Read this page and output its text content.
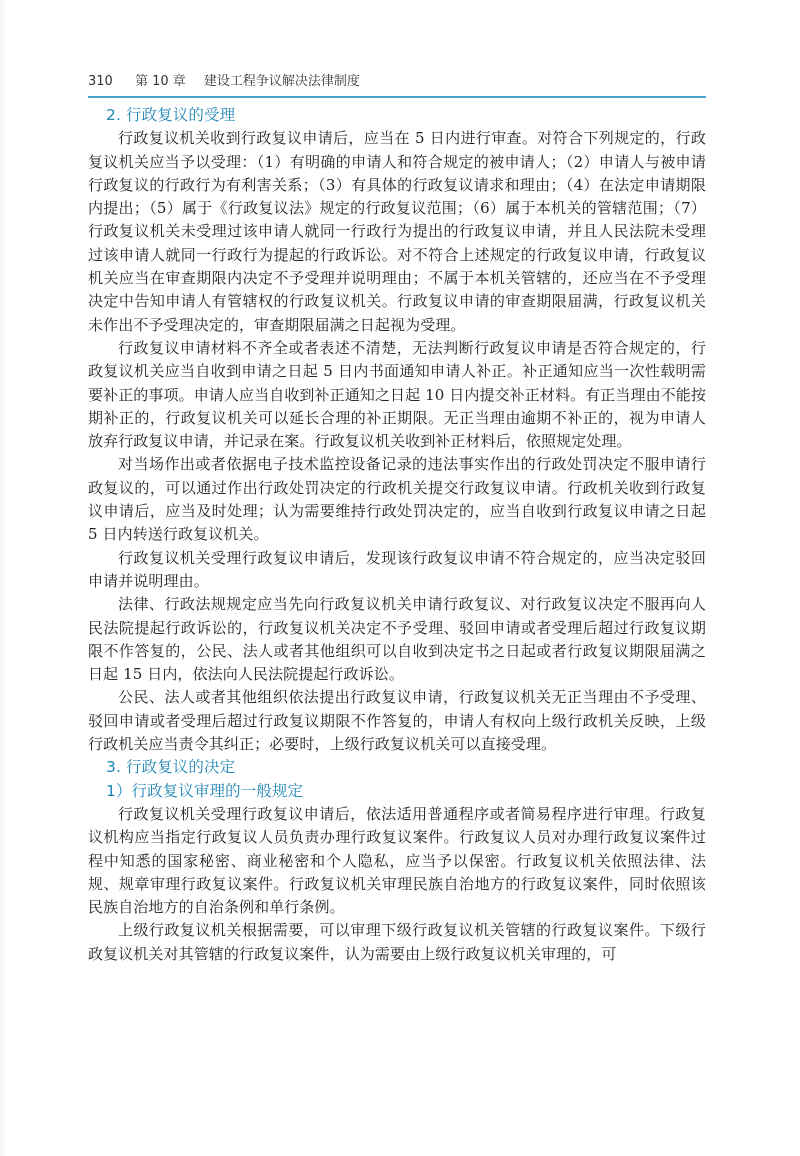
310 第 10 章 建设工程争议解决法律制度
2. 行政复议的受理

行政复议机关收到行政复议申请后，应当在 5 日内进行审查。对符合下列规定的，行政复议机关应当予以受理：（1）有明确的申请人和符合规定的被申请人；（2）申请人与被申请行政复议的行政行为有利害关系；（3）有具体的行政复议请求和理由；（4）在法定申请期限内提出；（5）属于《行政复议法》规定的行政复议范围；（6）属于本机关的管辖范围；（7）行政复议机关未受理过该申请人就同一行政行为提出的行政复议申请，并且人民法院未受理过该申请人就同一行政行为提起的行政诉讼。对不符合上述规定的行政复议申请，行政复议机关应当在审查期限内决定不予受理并说明理由；不属于本机关管辖的，还应当在不予受理决定中告知申请人有管辖权的行政复议机关。行政复议申请的审查期限届满，行政复议机关未作出不予受理决定的，审查期限届满之日起视为受理。

行政复议申请材料不齐全或者表述不清楚，无法判断行政复议申请是否符合规定的，行政复议机关应当自收到申请之日起 5 日内书面通知申请人补正。补正通知应当一次性载明需要补正的事项。申请人应当自收到补正通知之日起 10 日内提交补正材料。有正当理由不能按期补正的，行政复议机关可以延长合理的补正期限。无正当理由逾期不补正的，视为申请人放弃行政复议申请，并记录在案。行政复议机关收到补正材料后，依照规定处理。

对当场作出或者依据电子技术监控设备记录的违法事实作出的行政处罚决定不服申请行政复议的，可以通过作出行政处罚决定的行政机关提交行政复议申请。行政机关收到行政复议申请后，应当及时处理；认为需要维持行政处罚决定的，应当自收到行政复议申请之日起 5 日内转送行政复议机关。

行政复议机关受理行政复议申请后，发现该行政复议申请不符合规定的，应当决定驳回申请并说明理由。

法律、行政法规规定应当先向行政复议机关申请行政复议、对行政复议决定不服再向人民法院提起行政诉讼的，行政复议机关决定不予受理、驳回申请或者受理后超过行政复议期限不作答复的，公民、法人或者其他组织可以自收到决定书之日起或者行政复议期限届满之日起 15 日内，依法向人民法院提起行政诉讼。

公民、法人或者其他组织依法提出行政复议申请，行政复议机关无正当理由不予受理、驳回申请或者受理后超过行政复议期限不作答复的，申请人有权向上级行政机关反映，上级行政机关应当责令其纠正；必要时，上级行政复议机关可以直接受理。

3. 行政复议的决定
1）行政复议审理的一般规定

行政复议机关受理行政复议申请后，依法适用普通程序或者简易程序进行审理。行政复议机构应当指定行政复议人员负责办理行政复议案件。行政复议人员对办理行政复议案件过程中知悉的国家秘密、商业秘密和个人隐私，应当予以保密。行政复议机关依照法律、法规、规章审理行政复议案件。行政复议机关审理民族自治地方的行政复议案件，同时依照该民族自治地方的自治条例和单行条例。

上级行政复议机关根据需要，可以审理下级行政复议机关管辖的行政复议案件。下级行政复议机关对其管辖的行政复议案件，认为需要由上级行政复议机关审理的，可
